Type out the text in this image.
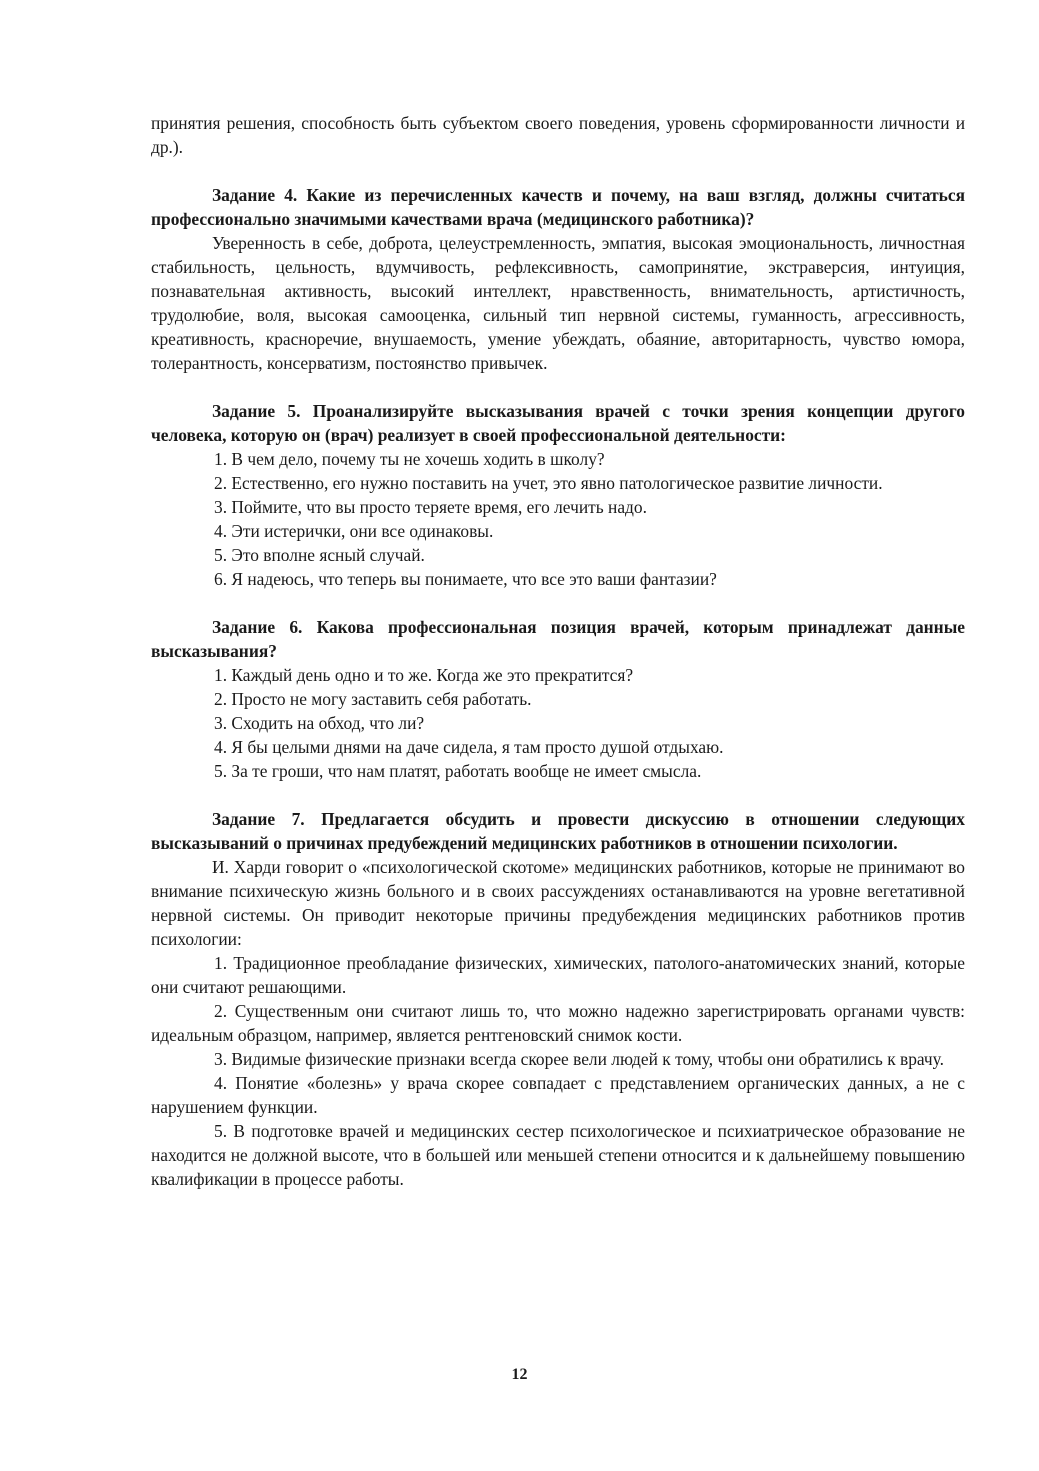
принятия решения, способность быть субъектом своего поведения, уровень сформированности личности и др.).

Задание 4. Какие из перечисленных качеств и почему, на ваш взгляд, должны считаться профессионально значимыми качествами врача (медицинского работника)?

Уверенность в себе, доброта, целеустремленность, эмпатия, высокая эмоциональность, личностная стабильность, цельность, вдумчивость, рефлексивность, самопринятие, экстраверсия, интуиция, познавательная активность, высокий интеллект, нравственность, внимательность, артистичность, трудолюбие, воля, высокая самооценка, сильный тип нервной системы, гуманность, агрессивность, креативность, красноречие, внушаемость, умение убеждать, обаяние, авторитарность, чувство юмора, толерантность, консерватизм, постоянство привычек.

Задание 5. Проанализируйте высказывания врачей с точки зрения концепции другого человека, которую он (врач) реализует в своей профессиональной деятельности:

1. В чем дело, почему ты не хочешь ходить в школу?

2. Естественно, его нужно поставить на учет, это явно патологическое развитие личности.

3. Поймите, что вы просто теряете время, его лечить надо.

4. Эти истерички, они все одинаковы.

5. Это вполне ясный случай.

6. Я надеюсь, что теперь вы понимаете, что все это ваши фантазии?

Задание 6. Какова профессиональная позиция врачей, которым принадлежат данные высказывания?

1. Каждый день одно и то же. Когда же это прекратится?

2. Просто не могу заставить себя работать.

3. Сходить на обход, что ли?

4. Я бы целыми днями на даче сидела, я там просто душой отдыхаю.

5. За те гроши, что нам платят, работать вообще не имеет смысла.

Задание 7. Предлагается обсудить и провести дискуссию в отношении следующих высказываний о причинах предубеждений медицинских работников в отношении психологии.

И. Харди говорит о «психологической скотоме» медицинских работников, которые не принимают во внимание психическую жизнь больного и в своих рассуждениях останавливаются на уровне вегетативной нервной системы. Он приводит некоторые причины предубеждения медицинских работников против психологии:

1. Традиционное преобладание физических, химических, патолого-анатомических знаний, которые они считают решающими.

2. Существенным они считают лишь то, что можно надежно зарегистрировать органами чувств: идеальным образцом, например, является рентгеновский снимок кости.

3. Видимые физические признаки всегда скорее вели людей к тому, чтобы они обратились к врачу.

4. Понятие «болезнь» у врача скорее совпадает с представлением органических данных, а не с нарушением функции.

5. В подготовке врачей и медицинских сестер психологическое и психиатрическое образование не находится не должной высоте, что в большей или меньшей степени относится и к дальнейшему повышению квалификации в процессе работы.

12
